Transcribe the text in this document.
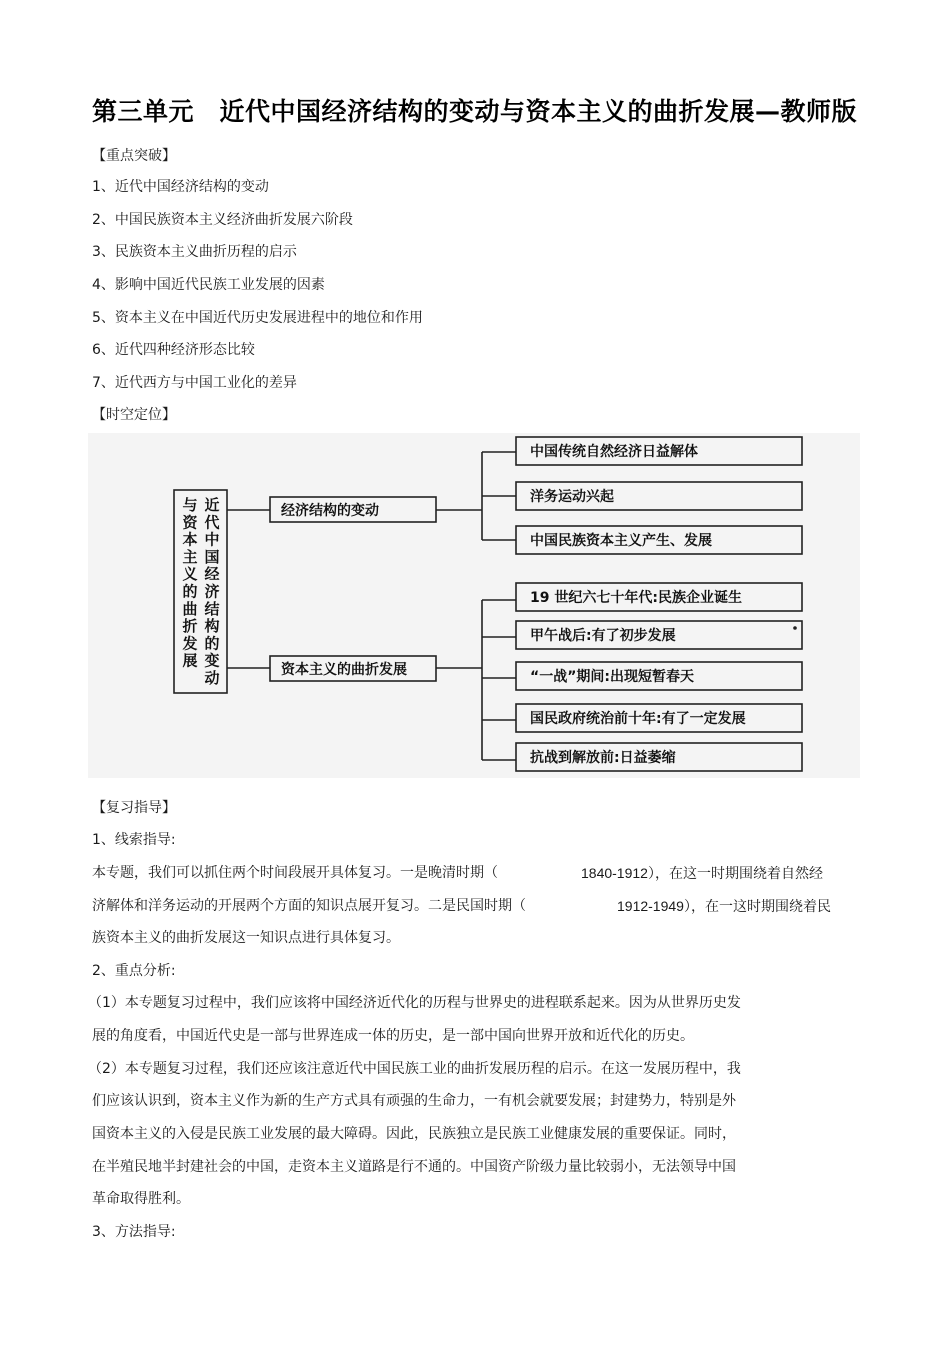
第三单元　近代中国经济结构的变动与资本主义的曲折发展—教师版
【重点突破】
1、近代中国经济结构的变动
2、中国民族资本主义经济曲折发展六阶段
3、民族资本主义曲折历程的启示
4、影响中国近代民族工业发展的因素
5、资本主义在中国近代历史发展进程中的地位和作用
6、近代四种经济形态比较
7、近代西方与中国工业化的差异
【时空定位】
近
代
中
国
经
济
结
构
的
变
动
与
资
本
主
义
的
曲
折
发
展
经济结构的变动
资本主义的曲折发展
中国传统自然经济日益解体
洋务运动兴起
中国民族资本主义产生、发展
19 世纪六七十年代:民族企业诞生
甲午战后:有了初步发展
“一战”期间:出现短暂春天
国民政府统治前十年:有了一定发展
抗战到解放前:日益萎缩
【复习指导】
1、线索指导:
本专题，我们可以抓住两个时间段展开具体复习。一是晚清时期（	1840-1912），在这一时期围绕着自然经
济解体和洋务运动的开展两个方面的知识点展开复习。二是民国时期（	1912-1949），在一这时期围绕着民
族资本主义的曲折发展这一知识点进行具体复习。
2、重点分析:
（1）本专题复习过程中，我们应该将中国经济近代化的历程与世界史的进程联系起来。因为从世界历史发
展的角度看，中国近代史是一部与世界连成一体的历史，是一部中国向世界开放和近代化的历史。
（2）本专题复习过程，我们还应该注意近代中国民族工业的曲折发展历程的启示。在这一发展历程中，我
们应该认识到，资本主义作为新的生产方式具有顽强的生命力，一有机会就要发展；封建势力，特别是外
国资本主义的入侵是民族工业发展的最大障碍。因此，民族独立是民族工业健康发展的重要保证。同时，
在半殖民地半封建社会的中国，走资本主义道路是行不通的。中国资产阶级力量比较弱小，无法领导中国
革命取得胜利。
3、方法指导:
